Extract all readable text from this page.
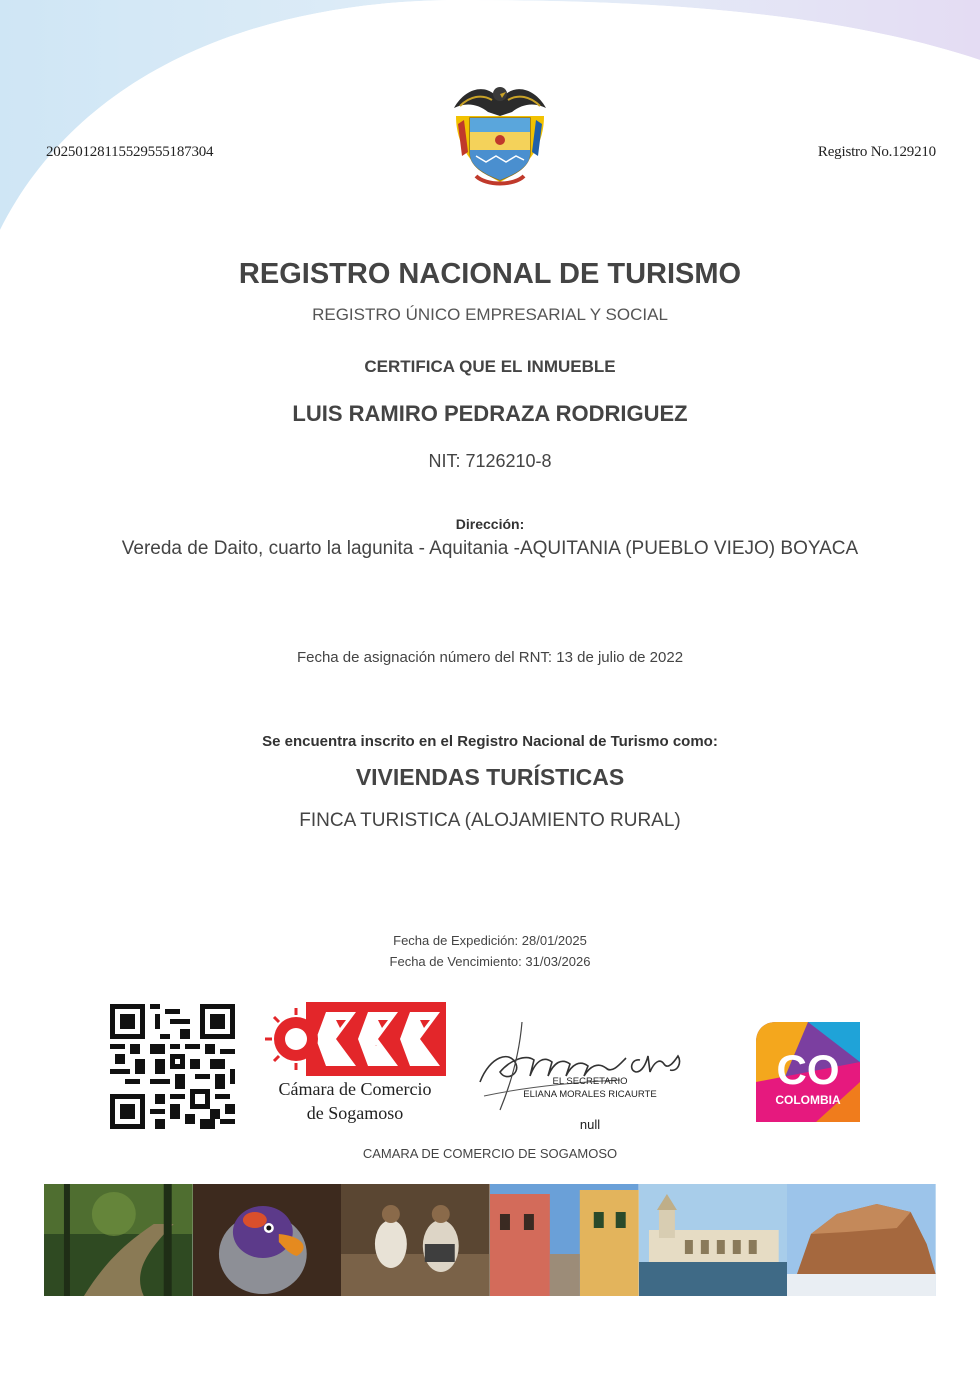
20250128115529555187304	Registro No.129210
REGISTRO NACIONAL DE TURISMO
REGISTRO ÚNICO EMPRESARIAL Y SOCIAL
CERTIFICA QUE EL INMUEBLE
LUIS RAMIRO PEDRAZA RODRIGUEZ
NIT: 7126210-8
Dirección:
Vereda de Daito, cuarto la lagunita - Aquitania -AQUITANIA (PUEBLO VIEJO) BOYACA
Fecha de asignación número del RNT: 13 de julio de 2022
Se encuentra inscrito en el Registro Nacional de Turismo como:
VIVIENDAS TURÍSTICAS
FINCA TURISTICA (ALOJAMIENTO RURAL)
Fecha de Expedición: 28/01/2025
Fecha de Vencimiento: 31/03/2026
CCS
Cámara de Comercio
de Sogamoso
EL SECRETARIO
ELIANA MORALES RICAURTE
null
CO
COLOMBIA
CAMARA DE COMERCIO DE SOGAMOSO
